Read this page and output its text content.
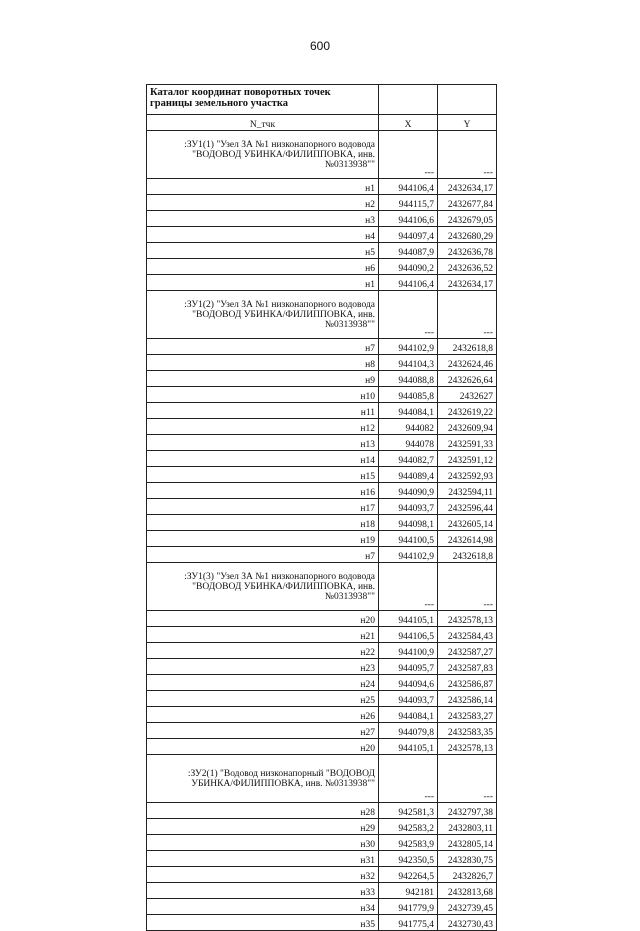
600
Каталог координат поворотных точек границы земельного участка		
N_тчк	X	Y
:ЗУ1(1) "Узел ЗА №1 низконапорного водовода "ВОДОВОД УБИНКА/ФИЛИППОВКА, инв. №0313938""	---	---
н1	944106,4	2432634,17
н2	944115,7	2432677,84
н3	944106,6	2432679,05
н4	944097,4	2432680,29
н5	944087,9	2432636,78
н6	944090,2	2432636,52
н1	944106,4	2432634,17
:ЗУ1(2) "Узел ЗА №1 низконапорного водовода "ВОДОВОД УБИНКА/ФИЛИППОВКА, инв. №0313938""	---	---
н7	944102,9	2432618,8
н8	944104,3	2432624,46
н9	944088,8	2432626,64
н10	944085,8	2432627
н11	944084,1	2432619,22
н12	944082	2432609,94
н13	944078	2432591,33
н14	944082,7	2432591,12
н15	944089,4	2432592,93
н16	944090,9	2432594,11
н17	944093,7	2432596,44
н18	944098,1	2432605,14
н19	944100,5	2432614,98
н7	944102,9	2432618,8
:ЗУ1(3) "Узел ЗА №1 низконапорного водовода "ВОДОВОД УБИНКА/ФИЛИППОВКА, инв. №0313938""	---	---
н20	944105,1	2432578,13
н21	944106,5	2432584,43
н22	944100,9	2432587,27
н23	944095,7	2432587,83
н24	944094,6	2432586,87
н25	944093,7	2432586,14
н26	944084,1	2432583,27
н27	944079,8	2432583,35
н20	944105,1	2432578,13
:ЗУ2(1) "Водовод низконапорный "ВОДОВОД УБИНКА/ФИЛИППОВКА, инв. №0313938""	---	---
н28	942581,3	2432797,38
н29	942583,2	2432803,11
н30	942583,9	2432805,14
н31	942350,5	2432830,75
н32	942264,5	2432826,7
н33	942181	2432813,68
н34	941779,9	2432739,45
н35	941775,4	2432730,43
